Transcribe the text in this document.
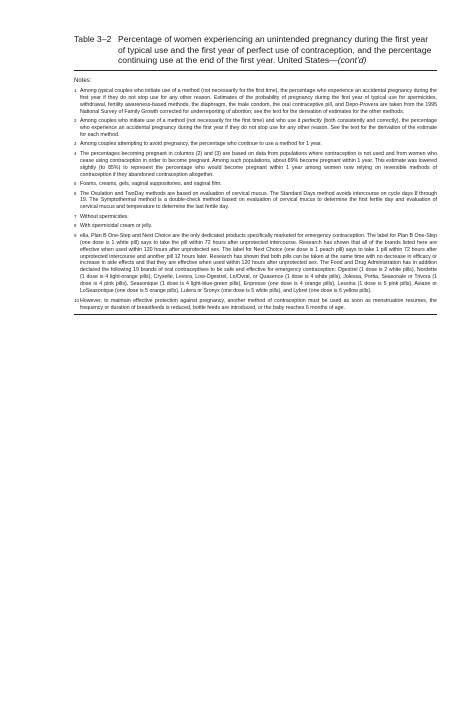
Table 3–2 Percentage of women experiencing an unintended pregnancy during the first year of typical use and the first year of perfect use of contraception, and the percentage continuing use at the end of the first year. United States—(cont’d)
Notes:
1 Among typical couples who initiate use of a method (not necessarily for the first time), the percentage who experience an accidental pregnancy during the first year if they do not stop use for any other reason. Estimates of the probability of pregnancy during the first year of typical use for spermicides, withdrawal, fertility awareness-based methods, the diaphragm, the male condom, the oral contraceptive pill, and Depo-Provera are taken from the 1995 National Survey of Family Growth corrected for underreporting of abortion; see the text for the derivation of estimates for the other methods.
2 Among couples who initiate use of a method (not necessarily for the first time) and who use it perfectly (both consistently and correctly), the percentage who experience an accidental pregnancy during the first year if they do not stop use for any other reason. See the text for the derivation of the estimate for each method.
3 Among couples attempting to avoid pregnancy, the percentage who continue to use a method for 1 year.
4 The percentages becoming pregnant in columns (2) and (3) are based on data from populations where contraception is not used and from women who cease using contraception in order to become pregnant. Among such populations, about 89% become pregnant within 1 year. This estimate was lowered slightly (to 85%) to represent the percentage who would become pregnant within 1 year among women now relying on reversible methods of contraception if they abandoned contraception altogether.
5 Foams, creams, gels, vaginal suppositories, and vaginal film.
6 The Ovulation and TwoDay methods are based on evaluation of cervical mucus. The Standard Days method avoids intercourse on cycle days 8 through 19. The Symptothermal method is a double-check method based on evaluation of cervical mucus to determine the first fertile day and evaluation of cervical mucus and temperature to determine the last fertile day.
7 Without spermicides.
8 With spermicidal cream or jelly.
9 ella, Plan B One-Step and Next Choice are the only dedicated products specifically marketed for emergency contraception. The label for Plan B One-Step (one dose is 1 white pill) says to take the pill within 72 hours after unprotected intercourse. Research has shown that all of the brands listed here are effective when used within 120 hours after unprotected sex. The label for Next Choice (one dose is 1 peach pill) says to take 1 pill within 72 hours after unprotected intercourse and another pill 12 hours later. Research has shown that both pills can be taken at the same time with no decrease in efficacy or increase in side effects and that they are effective when used within 120 hours after unprotected sex. The Food and Drug Administration has in addition declared the following 19 brands of oral contraceptives to be safe and effective for emergency contraception: Ogestrel (1 dose is 2 white pills), Nordette (1 dose is 4 light-orange pills), Cryselle, Levora, Low-Ogestrel, Lo/Ovral, or Quasence (1 dose is 4 white pills), Jolessa, Portia, Seasonale or Trivora (1 dose is 4 pink pills), Seasonique (1 dose is 4 light-blue-green pills), Enpresse (one dose is 4 orange pills), Lessina (1 dose is 5 pink pills), Aviane or LoSeasonique (one dose is 5 orange pills), Lutera or Sronyx (one dose is 5 white pills), and Lybrel (one dose is 6 yellow pills).
10 However, to maintain effective protection against pregnancy, another method of contraception must be used as soon as menstruation resumes, the frequency or duration of breastfeeds is reduced, bottle feeds are introduced, or the baby reaches 6 months of age.
